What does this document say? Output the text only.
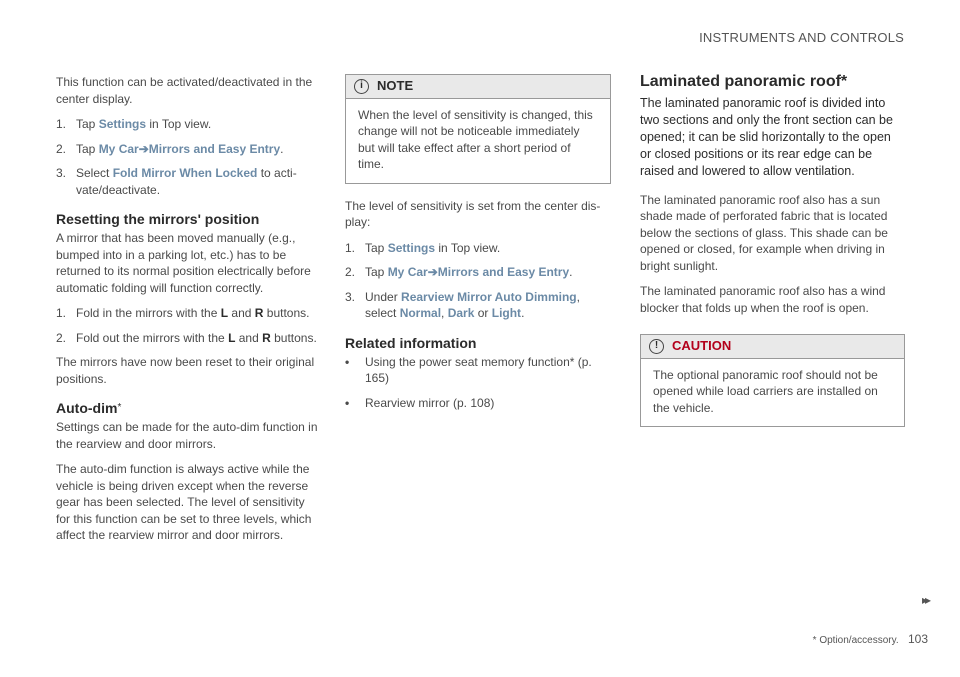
INSTRUMENTS AND CONTROLS

This function can be activated/deactivated in the center display.

1. Tap Settings in Top view.
2. Tap My Car➔Mirrors and Easy Entry.
3. Select Fold Mirror When Locked to acti-vate/deactivate.
Resetting the mirrors' position

A mirror that has been moved manually (e.g., bumped into in a parking lot, etc.) has to be returned to its normal position electrically before automatic folding will function correctly.

1. Fold in the mirrors with the L and R buttons.
2. Fold out the mirrors with the L and R buttons.

The mirrors have now been reset to their original positions.

Auto-dim*

Settings can be made for the auto-dim function in the rearview and door mirrors.

The auto-dim function is always active while the vehicle is being driven except when the reverse gear has been selected. The level of sensitivity for this function can be set to three levels, which affect the rearview mirror and door mirrors.

i	NOTE
When the level of sensitivity is changed, this change will not be noticeable immediately but will take effect after a short period of time.

The level of sensitivity is set from the center dis-play:

1. Tap Settings in Top view.
2. Tap My Car➔Mirrors and Easy Entry.
3. Under Rearview Mirror Auto Dimming,
select Normal, Dark or Light.
Related information
• Using the power seat memory function* (p. 165)
• Rearview mirror (p. 108)
Laminated panoramic roof*

The laminated panoramic roof is divided into two sections and only the front section can be opened; it can be slid horizontally to the open or closed positions or its rear edge can be raised and lowered to allow ventilation.

The laminated panoramic roof also has a sun shade made of perforated fabric that is located below the sections of glass. This shade can be opened or closed, for example when driving in bright sunlight.

The laminated panoramic roof also has a wind blocker that folds up when the roof is open.

!	CAUTION
The optional panoramic roof should not be opened while load carriers are installed on the vehicle.
▸▸
* Option/accessory. 103
